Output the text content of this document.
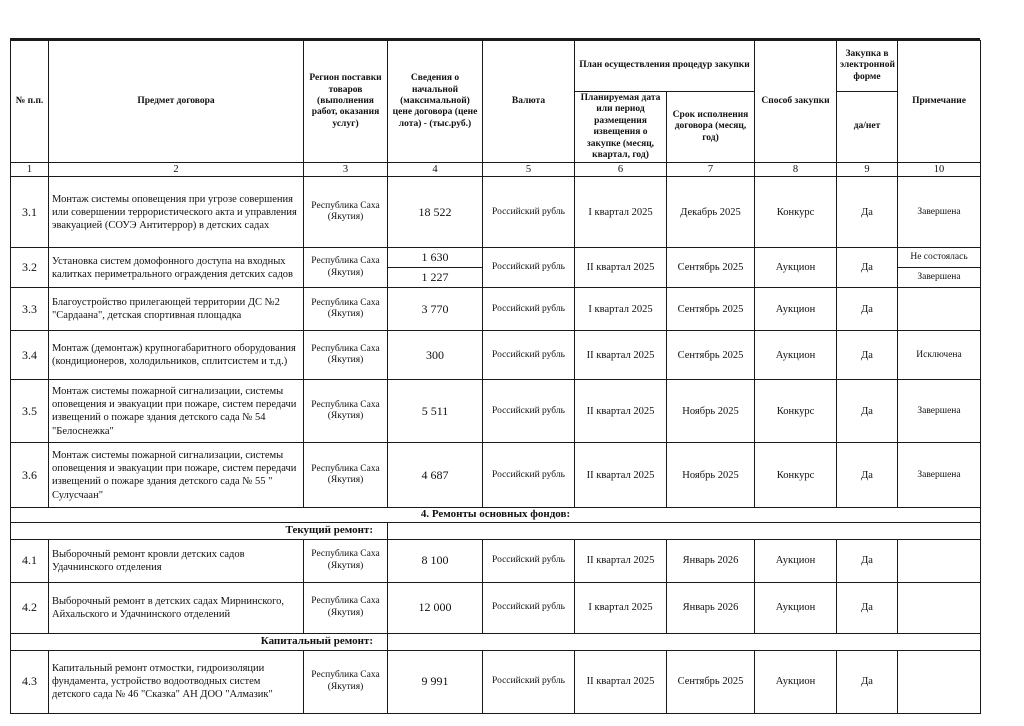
№ п.п.	Предмет договора	Регион поставки товаров (выполнения работ, оказания услуг)	Сведения о начальной (максимальной) цене договора (цене лота) - (тыс.руб.)	Валюта	План осуществления процедур закупки		Способ закупки	Закупка в электронной форме	Примечание
					Планируемая дата или период размещения извещения о закупке (месяц, квартал, год)	Срок исполнения договора (месяц, год)		да/нет	
1	2	3	4	5	6	7	8	9	10
3.1	Монтаж системы оповещения при угрозе совершения или совершении террористического акта и управления эвакуацией (СОУЭ Антитеррор) в детских садах	Республика Саха (Якутия)	18 522	Российский рубль	I квартал 2025	Декабрь 2025	Конкурс	Да	Завершена
3.2	Установка систем домофонного доступа на входных калитках периметрального ограждения детских садов	Республика Саха (Якутия)	1 630	Российский рубль	II квартал 2025	Сентябрь 2025	Аукцион	Да	Не состоялась
			1 227						Завершена
3.3	Благоустройство прилегающей территории ДС №2 "Сардаана", детская спортивная площадка	Республика Саха (Якутия)	3 770	Российский рубль	I квартал 2025	Сентябрь 2025	Аукцион	Да	
3.4	Монтаж (демонтаж) крупногабаритного оборудования (кондиционеров, холодильников, сплитсистем и т.д.)	Республика Саха (Якутия)	300	Российский рубль	II квартал 2025	Сентябрь 2025	Аукцион	Да	Исключена
3.5	Монтаж системы пожарной сигнализации, системы оповещения и эвакуации при пожаре, систем передачи извещений о пожаре здания детского сада № 54 "Белоснежка"	Республика Саха (Якутия)	5 511	Российский рубль	II квартал 2025	Ноябрь 2025	Конкурс	Да	Завершена
3.6	Монтаж системы пожарной сигнализации, системы оповещения и эвакуации при пожаре, систем передачи извещений о пожаре здания детского сада № 55 " Сулусчаан"	Республика Саха (Якутия)	4 687	Российский рубль	II квартал 2025	Ноябрь 2025	Конкурс	Да	Завершена
4. Ремонты основных фондов:									
Текущий ремонт:									
4.1	Выборочный ремонт кровли детских садов Удачнинского отделения	Республика Саха (Якутия)	8 100	Российский рубль	II квартал 2025	Январь 2026	Аукцион	Да	
4.2	Выборочный ремонт в детских садах Мирнинского, Айхальского и Удачнинского отделений	Республика Саха (Якутия)	12 000	Российский рубль	I квартал 2025	Январь 2026	Аукцион	Да	
Капитальный ремонт:									
4.3	Капитальный ремонт отмостки, гидроизоляции фундамента, устройство водоотводных систем детского сада № 46 "Сказка" АН ДОО "Алмазик"	Республика Саха (Якутия)	9 991	Российский рубль	II квартал 2025	Сентябрь 2025	Аукцион	Да	
